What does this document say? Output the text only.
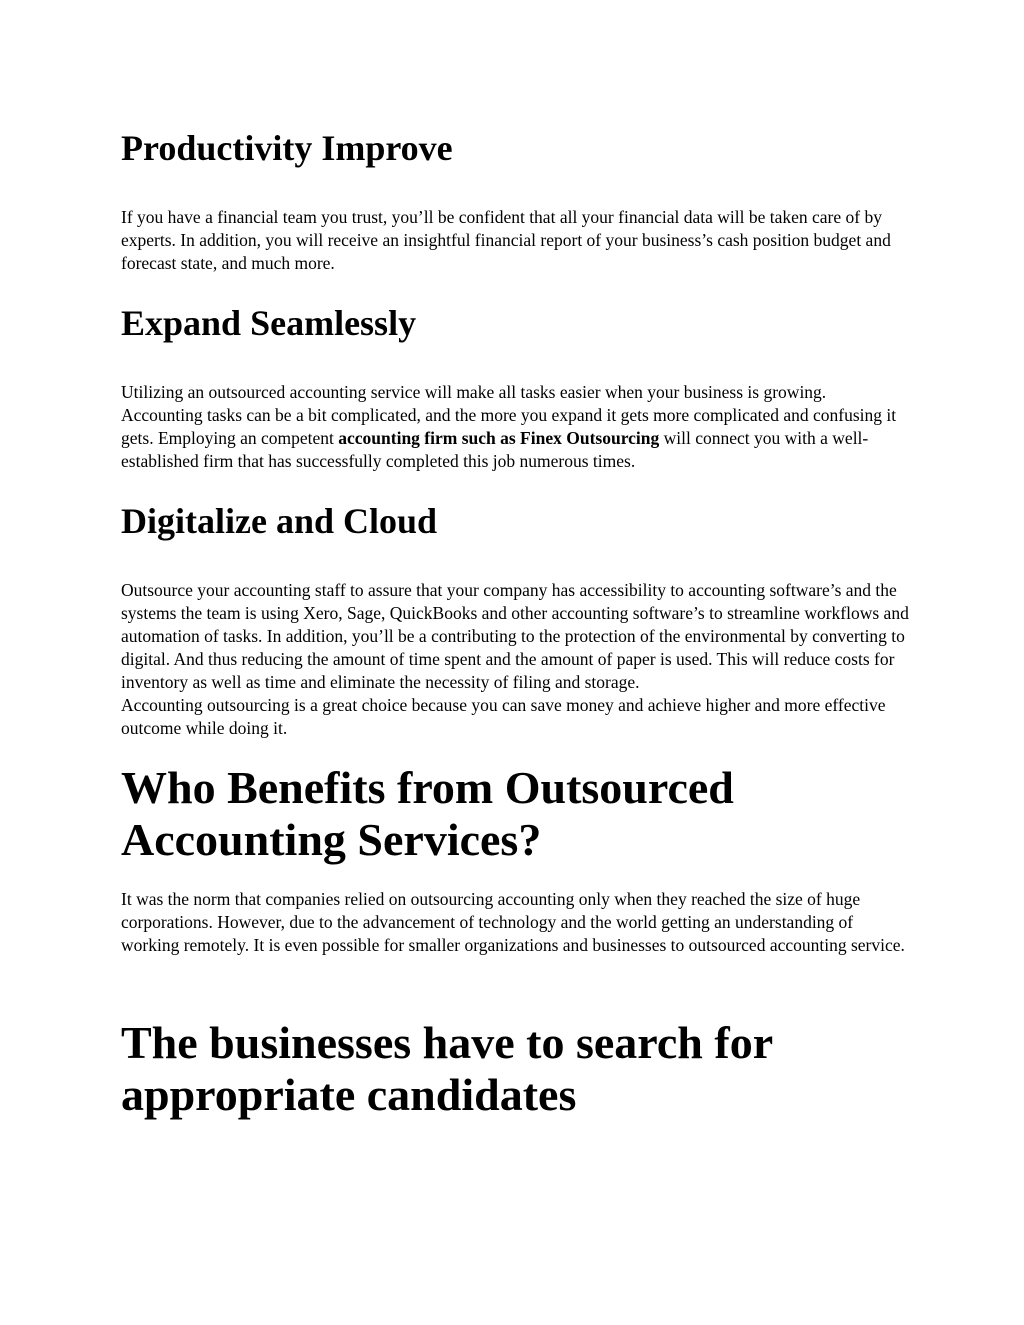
Productivity Improve

If you have a financial team you trust, you’ll be confident that all your financial data will be taken care of by experts. In addition, you will receive an insightful financial report of your business’s cash position budget and forecast state, and much more.

Expand Seamlessly

Utilizing an outsourced accounting service will make all tasks easier when your business is growing. Accounting tasks can be a bit complicated, and the more you expand it gets more complicated and confusing it gets. Employing an competent accounting firm such as Finex Outsourcing will connect you with a well-established firm that has successfully completed this job numerous times.

Digitalize and Cloud

Outsource your accounting staff to assure that your company has accessibility to accounting software’s and the systems the team is using Xero, Sage, QuickBooks and other accounting software’s to streamline workflows and automation of tasks. In addition, you’ll be a contributing to the protection of the environmental by converting to digital. And thus reducing the amount of time spent and the amount of paper is used. This will reduce costs for inventory as well as time and eliminate the necessity of filing and storage.

Accounting outsourcing is a great choice because you can save money and achieve higher and more effective outcome while doing it.

Who Benefits from Outsourced Accounting Services?

It was the norm that companies relied on outsourcing accounting only when they reached the size of huge corporations. However, due to the advancement of technology and the world getting an understanding of working remotely. It is even possible for smaller organizations and businesses to outsourced accounting service.

The businesses have to search for appropriate candidates
